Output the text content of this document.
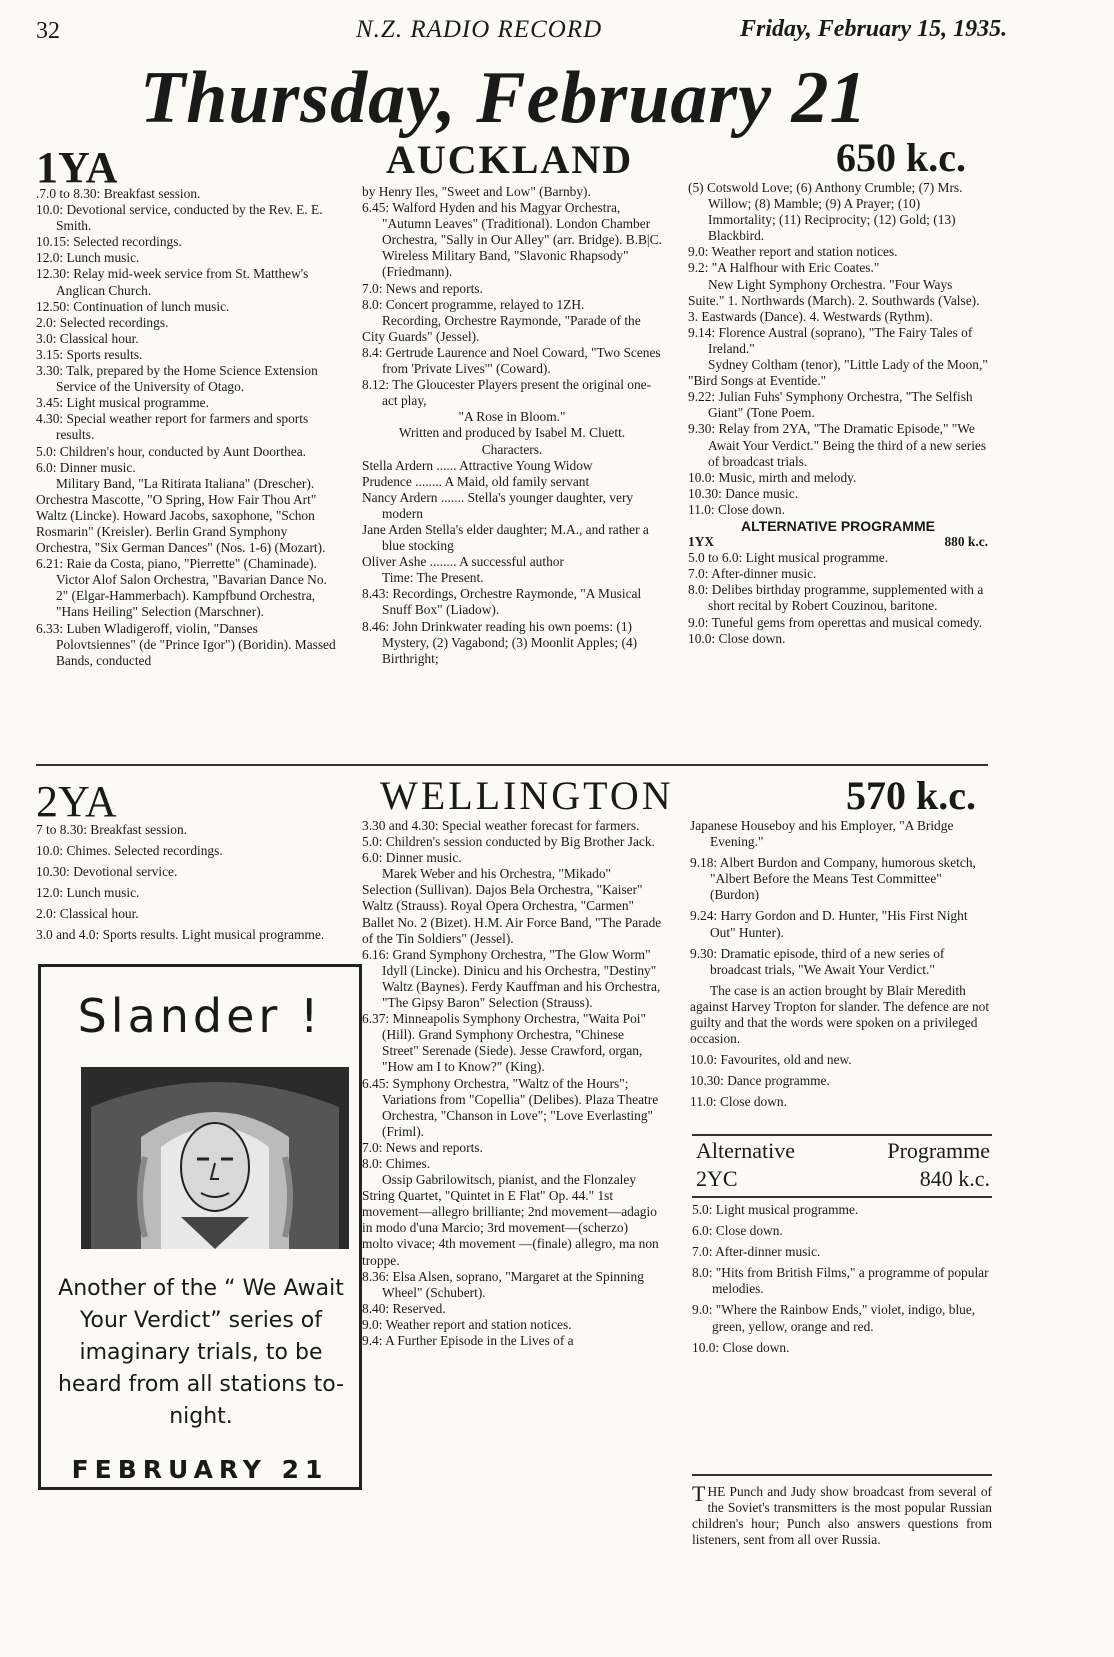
32	N.Z. RADIO RECORD	Friday, February 15, 1935.
Thursday, February 21
1YA	AUCKLAND	650 k.c.

.7.0 to 8.30: Breakfast session.

10.0: Devotional service, conducted by the Rev. E. E. Smith.

10.15: Selected recordings.

12.0: Lunch music.

12.30: Relay mid-week service from St. Matthew's Anglican Church.

12.50: Continuation of lunch music.

2.0: Selected recordings.

3.0: Classical hour.

3.15: Sports results.

3.30: Talk, prepared by the Home Science Extension Service of the University of Otago.

3.45: Light musical programme.

4.30: Special weather report for farmers and sports results.

5.0: Children's hour, conducted by Aunt Doorthea.

6.0: Dinner music.

Military Band, "La Ritirata Italiana" (Drescher). Orchestra Mascotte, "O Spring, How Fair Thou Art" Waltz (Lincke). Howard Jacobs, saxophone, "Schon Rosmarin" (Kreisler). Berlin Grand Symphony Orchestra, "Six German Dances" (Nos. 1-6) (Mozart).

6.21: Raie da Costa, piano, "Pierrette" (Chaminade). Victor Alof Salon Orchestra, "Bavarian Dance No. 2" (Elgar-Hammerbach). Kampfbund Orchestra, "Hans Heiling" Selection (Marschner).

6.33: Luben Wladigeroff, violin, "Danses Polovtsiennes" (de "Prince Igor") (Boridin). Massed Bands, conducted

by Henry Iles, "Sweet and Low" (Barnby).

6.45: Walford Hyden and his Magyar Orchestra, "Autumn Leaves" (Traditional). London Chamber Orchestra, "Sally in Our Alley" (arr. Bridge). B.B|C. Wireless Military Band, "Slavonic Rhapsody" (Friedmann).

7.0: News and reports.

8.0: Concert programme, relayed to 1ZH.

Recording, Orchestre Raymonde, "Parade of the City Guards" (Jessel).

8.4: Gertrude Laurence and Noel Coward, "Two Scenes from 'Private Lives'" (Coward).

8.12: The Gloucester Players present the original one-act play,

"A Rose in Bloom."

Written and produced by Isabel M. Cluett.

Characters.

Stella Ardern ...... Attractive Young Widow

Prudence ........ A Maid, old family servant

Nancy Ardern ....... Stella's younger daughter, very modern

Jane Arden Stella's elder daughter; M.A., and rather a blue stocking

Oliver Ashe ........ A successful author

Time: The Present.

8.43: Recordings, Orchestre Raymonde, "A Musical Snuff Box" (Liadow).

8.46: John Drinkwater reading his own poems: (1) Mystery, (2) Vagabond; (3) Moonlit Apples; (4) Birthright;

(5) Cotswold Love; (6) Anthony Crumble; (7) Mrs. Willow; (8) Mamble; (9) A Prayer; (10) Immortality; (11) Reciprocity; (12) Gold; (13) Blackbird.

9.0: Weather report and station notices.

9.2: "A Halfhour with Eric Coates."

New Light Symphony Orchestra. "Four Ways Suite." 1. Northwards (March). 2. Southwards (Valse). 3. Eastwards (Dance). 4. Westwards (Rythm).

9.14: Florence Austral (soprano), "The Fairy Tales of Ireland."

Sydney Coltham (tenor), "Little Lady of the Moon," "Bird Songs at Eventide."

9.22: Julian Fuhs' Symphony Orchestra, "The Selfish Giant" (Tone Poem.

9.30: Relay from 2YA, "The Dramatic Episode," "We Await Your Verdict." Being the third of a new series of broadcast trials.

10.0: Music, mirth and melody.

10.30: Dance music.

11.0: Close down.

ALTERNATIVE PROGRAMME
1YX	880 k.c.

5.0 to 6.0: Light musical programme.

7.0: After-dinner music.

8.0: Delibes birthday programme, supplemented with a short recital by Robert Couzinou, baritone.

9.0: Tuneful gems from operettas and musical comedy.

10.0: Close down.

2YA	WELLINGTON	570 k.c.

7 to 8.30: Breakfast session.

10.0: Chimes. Selected recordings.

10.30: Devotional service.

12.0: Lunch music.

2.0: Classical hour.

3.0 and 4.0: Sports results. Light musical programme.

Slander !
Another of the “ We Await Your Verdict” series of imaginary trials, to be heard from all stations to-night.
FEBRUARY 21

3.30 and 4.30: Special weather forecast for farmers.

5.0: Children's session conducted by Big Brother Jack.

6.0: Dinner music.

Marek Weber and his Orchestra, "Mikado" Selection (Sullivan). Dajos Bela Orchestra, "Kaiser" Waltz (Strauss). Royal Opera Orchestra, "Carmen" Ballet No. 2 (Bizet). H.M. Air Force Band, "The Parade of the Tin Soldiers" (Jessel).

6.16: Grand Symphony Orchestra, "The Glow Worm" Idyll (Lincke). Dinicu and his Orchestra, "Destiny" Waltz (Baynes). Ferdy Kauffman and his Orchestra, "The Gipsy Baron" Selection (Strauss).

6.37: Minneapolis Symphony Orchestra, "Waita Poi" (Hill). Grand Symphony Orchestra, "Chinese Street" Serenade (Siede). Jesse Crawford, organ, "How am I to Know?" (King).

6.45: Symphony Orchestra, "Waltz of the Hours"; Variations from "Copellia" (Delibes). Plaza Theatre Orchestra, "Chanson in Love"; "Love Everlasting" (Friml).

7.0: News and reports.

8.0: Chimes.

Ossip Gabrilowitsch, pianist, and the Flonzaley String Quartet, "Quintet in E Flat" Op. 44." 1st movement—allegro brilliante; 2nd movement—adagio in modo d'una Marcio; 3rd movement—(scherzo) molto vivace; 4th movement —(finale) allegro, ma non troppe.

8.36: Elsa Alsen, soprano, "Margaret at the Spinning Wheel" (Schubert).

8.40: Reserved.

9.0: Weather report and station notices.

9.4: A Further Episode in the Lives of a

Japanese Houseboy and his Employer, "A Bridge Evening."

9.18: Albert Burdon and Company, humorous sketch, "Albert Before the Means Test Committee" (Burdon)

9.24: Harry Gordon and D. Hunter, "His First Night Out" Hunter).

9.30: Dramatic episode, third of a new series of broadcast trials, "We Await Your Verdict."

The case is an action brought by Blair Meredith against Harvey Tropton for slander. The defence are not guilty and that the words were spoken on a privileged occasion.

10.0: Favourites, old and new.

10.30: Dance programme.

11.0: Close down.

Alternative	Programme
2YC	840 k.c.

5.0: Light musical programme.

6.0: Close down.

7.0: After-dinner music.

8.0: "Hits from British Films," a programme of popular melodies.

9.0: "Where the Rainbow Ends," violet, indigo, blue, green, yellow, orange and red.

10.0: Close down.

THE Punch and Judy show broadcast from several of the Soviet's transmitters is the most popular Russian children's hour; Punch also answers questions from listeners, sent from all over Russia.
